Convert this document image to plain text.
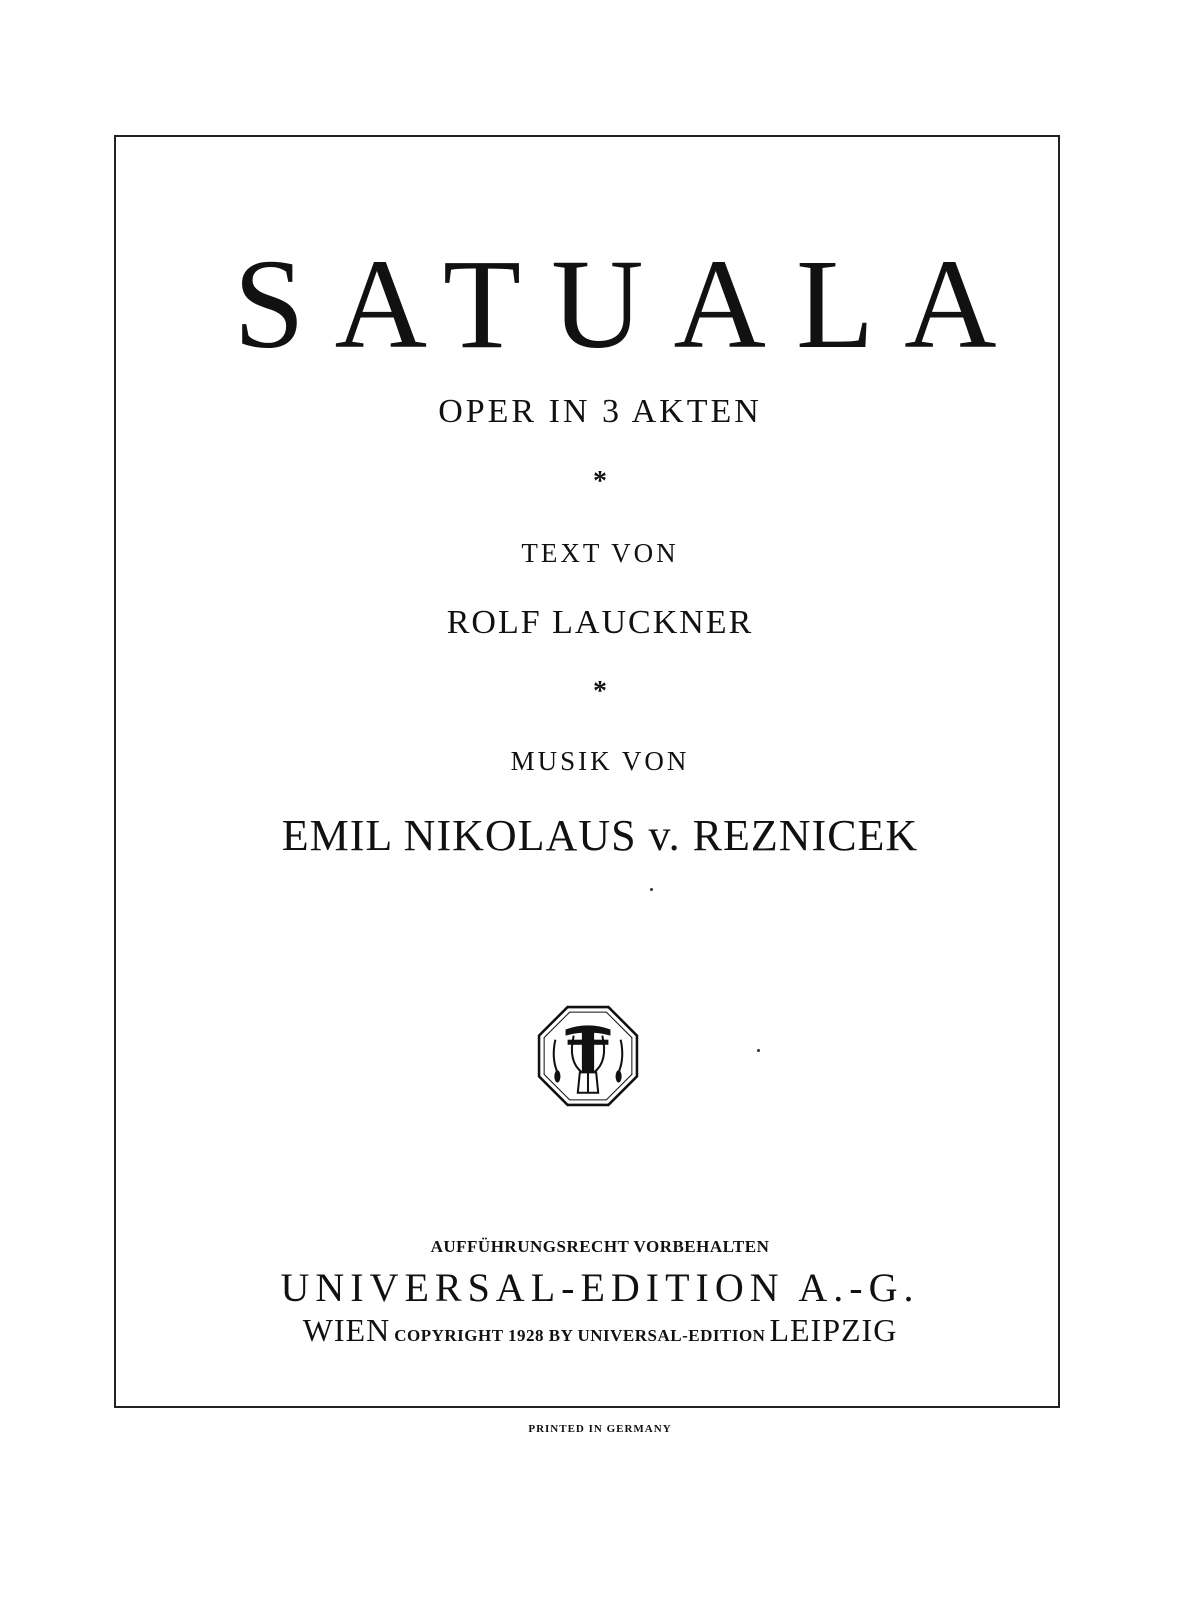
SATUALA
OPER IN 3 AKTEN
*
TEXT VON
ROLF LAUCKNER
*
MUSIK VON
EMIL NIKOLAUS v. REZNICEK
AUFFÜHRUNGSRECHT VORBEHALTEN
UNIVERSAL-EDITION A.-G.
WIEN COPYRIGHT 1928 BY UNIVERSAL-EDITION LEIPZIG
PRINTED IN GERMANY
